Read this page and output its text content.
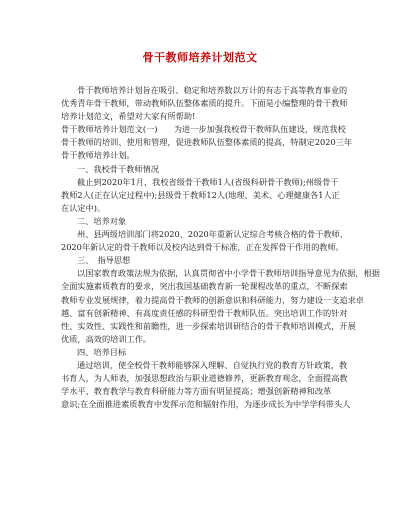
骨干教师培养计划范文
骨干教师培养计划旨在吸引、稳定和培养数以万计的有志于高等教育事业的
优秀青年骨干教师，带动教师队伍整体素质的提升。下面是小编整理的骨干教师
培养计划范文，希望对大家有所帮助!
骨干教师培养计划范文(一)　　为进一步加强我校骨干教师队伍建设，规范我校
骨干教师的培训、使用和管理，促进教师队伍整体素质的提高，特制定2020三年
骨干教师培养计划。
一、我校骨干教师情况
截止到2020年1月，我校省级骨干教师1人(省级科研骨干教师);州级骨干
教师2人(正在认定过程中);县级骨干教师12人(地理、美术、心理健康各1人正
在认定中)。
二、培养对象
州、县两级培训部门将2020、2020年重新认定综合考核合格的骨干教师、
2020年新认定的骨干教师以及校内达到骨干标准，正在发挥骨干作用的教师。
三、　指导思想
以国家教育政策法规为依据，认真贯彻省中小学骨干教师培训指导意见为依据，根据
全面实施素质教育的要求，突出我国基础教育新一轮课程改革的重点，不断探索
教师专业发展规律，着力提高骨干教师的创新意识和科研能力，努力建设一支追求卓
越、富有创新精神、有高度责任感的科研型骨干教师队伍。突出培训工作的针对
性、实效性、实践性和前瞻性，进一步探索培训研结合的骨干教师培训模式，开展
优质，高效的培训工作。
四、培养目标
通过培训，使全校骨干教师能够深入理解、自觉执行党的教育方针政策，教
书育人，为人师表，加强思想政治与职业道德修养，更新教育观念，全面提高教
学水平、教育教学与教育科研能力等方面有明显提高；增强创新精神和改革
意识;在全面推进素质教育中发挥示范和辐射作用，为逐步成长为中学学科带头人
